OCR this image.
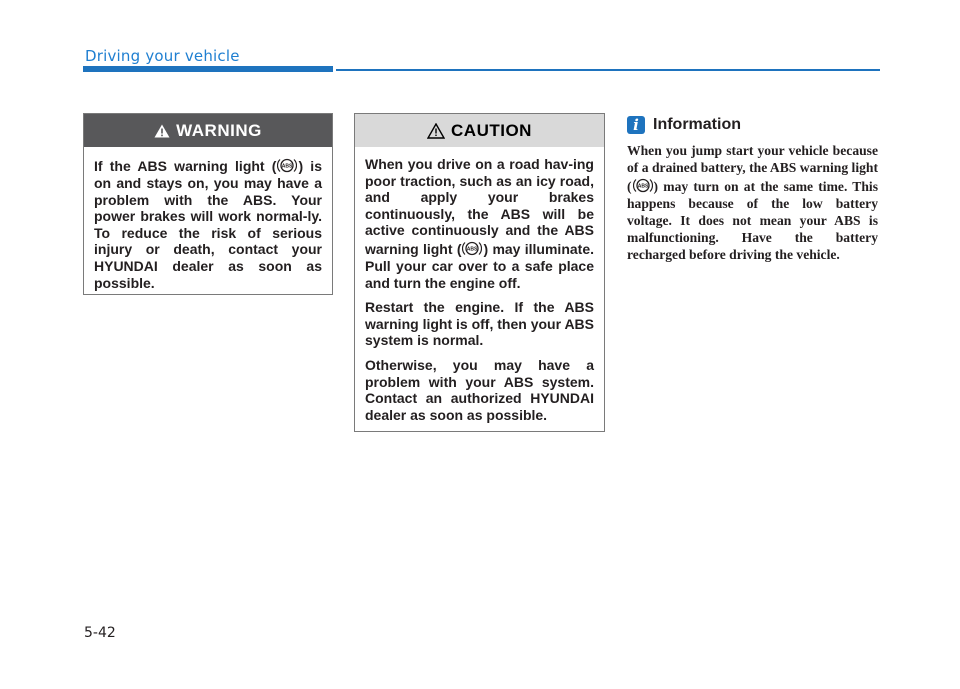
Driving your vehicle
WARNING

If the ABS warning light ( ABS ) is on and stays on, you may have a problem with the ABS. Your power brakes will work normal-ly. To reduce the risk of serious injury or death, contact your HYUNDAI dealer as soon as possible.

CAUTION

When you drive on a road hav-ing poor traction, such as an icy road, and apply your brakes continuously, the ABS will be active continuously and the ABS warning light ( ABS ) may illuminate. Pull your car over to a safe place and turn the engine off.

Restart the engine. If the ABS warning light is off, then your ABS system is normal.

Otherwise, you may have a problem with your ABS system. Contact an authorized HYUNDAI dealer as soon as possible.

i Information
When you jump start your vehicle because of a drained battery, the ABS warning light ( ABS ) may turn on at the same time. This happens because of the low battery voltage. It does not mean your ABS is malfunctioning. Have the battery recharged before driving the vehicle.
5-42
